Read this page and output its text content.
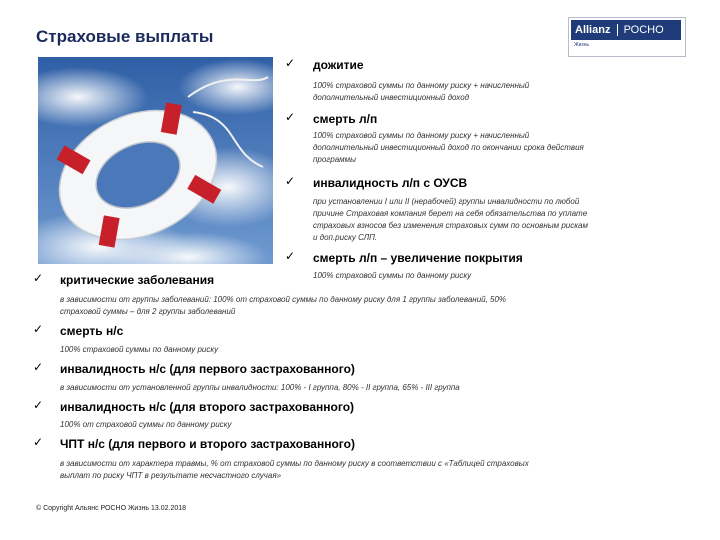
Страховые выплаты	Allianz РОСНО
Жизнь
✓ дожитие
100% страховой суммы по данному риску + начисленный
дополнительный инвестиционный доход
✓ смерть л/п
100% страховой суммы по данному риску + начисленный
дополнительный инвестиционный доход по окончании срока действия
программы
✓ инвалидность л/п с ОУСВ
при установлении I или II (нерабочей) группы инвалидности по любой
причине Страховая компания берет на себя обязательства по уплате
страховых взносов без изменения страховых сумм по основным рискам
и доп.риску СЛП.
✓ смерть л/п – увеличение покрытия
100% страховой суммы по данному риску
✓ критические заболевания
в зависимости от группы заболеваний: 100% от страховой суммы по данному риску для 1 группы заболеваний, 50%
страховой суммы – для 2 группы заболеваний
✓ смерть н/с
100% страховой суммы по данному риску
✓ инвалидность н/с (для первого застрахованного)
в зависимости от установленной группы инвалидности: 100% - I группа, 80% - II группа, 65% - III группа
✓ инвалидность н/с (для второго застрахованного)
100% от страховой суммы по данному риску
✓ ЧПТ н/с (для первого и второго застрахованного)
в зависимости от характера травмы, % от страховой суммы по данному риску в соответствии с «Таблицей страховых
выплат по риску ЧПТ в результате несчастного случая»
© Copyright Альянс РОСНО Жизнь 13.02.2018
